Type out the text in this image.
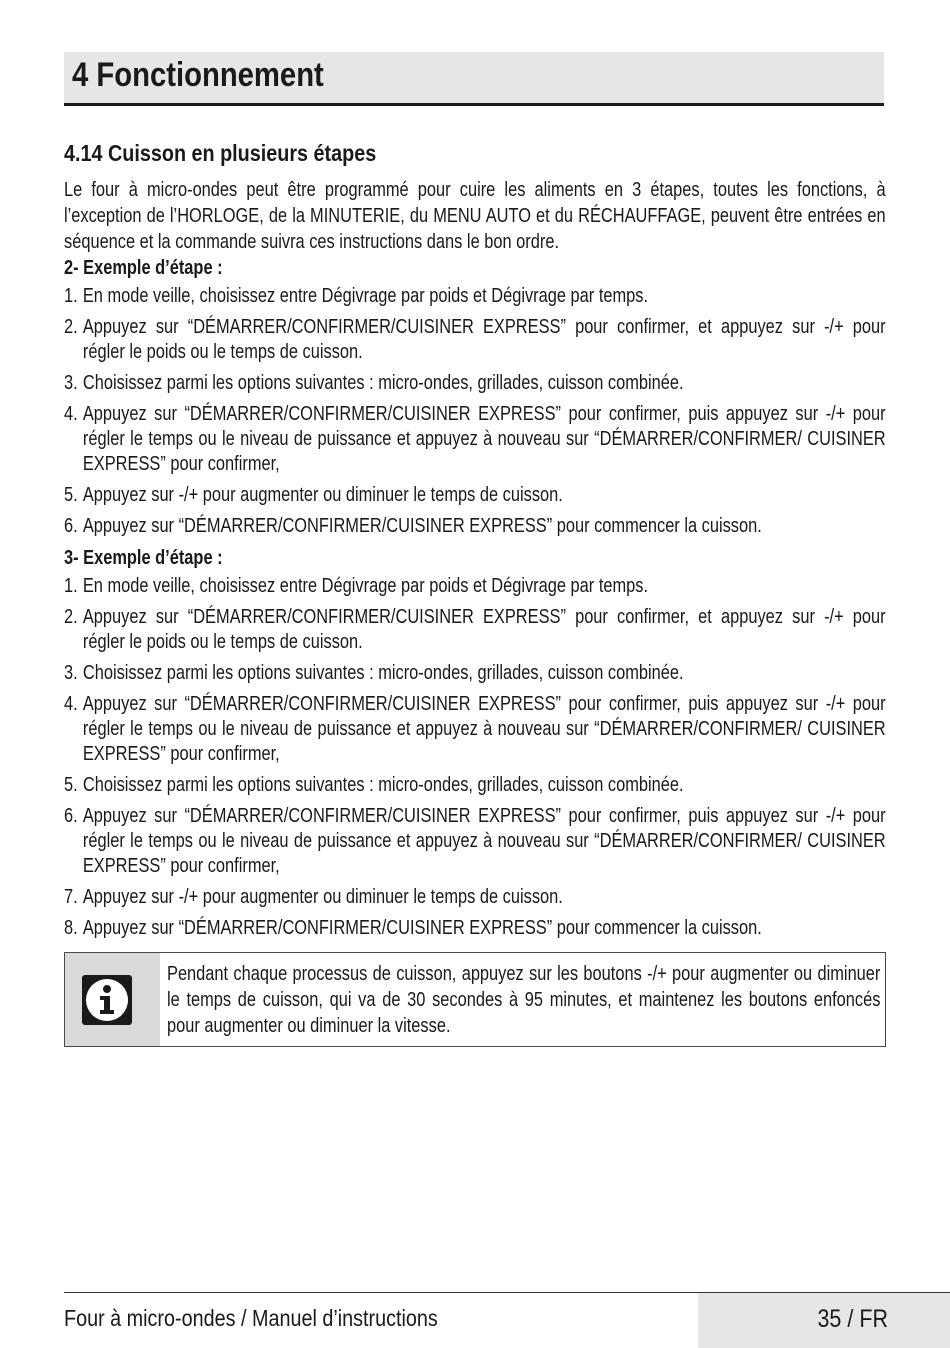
4 Fonctionnement
4.14 Cuisson en plusieurs étapes

Le four à micro-ondes peut être programmé pour cuire les aliments en 3 étapes, toutes les fonctions, à l’exception de l’HORLOGE, de la MINUTERIE, du MENU AUTO et du RÉCHAUFFAGE, peuvent être entrées en séquence et la commande suivra ces instructions dans le bon ordre.

2- Exemple d’étape :
1. En mode veille, choisissez entre Dégivrage par poids et Dégivrage par temps.
2. Appuyez sur “DÉMARRER/CONFIRMER/CUISINER EXPRESS” pour confirmer, et appuyez sur -/+ pour régler le poids ou le temps de cuisson.
3. Choisissez parmi les options suivantes : micro-ondes, grillades, cuisson combinée.
4. Appuyez sur “DÉMARRER/CONFIRMER/CUISINER EXPRESS” pour confirmer, puis appuyez sur -/+ pour régler le temps ou le niveau de puissance et appuyez à nouveau sur “DÉMARRER/CONFIRMER/ CUISINER EXPRESS” pour confirmer,
5. Appuyez sur -/+ pour augmenter ou diminuer le temps de cuisson.
6. Appuyez sur “DÉMARRER/CONFIRMER/CUISINER EXPRESS” pour commencer la cuisson.
3- Exemple d’étape :
1. En mode veille, choisissez entre Dégivrage par poids et Dégivrage par temps.
2. Appuyez sur “DÉMARRER/CONFIRMER/CUISINER EXPRESS” pour confirmer, et appuyez sur -/+ pour régler le poids ou le temps de cuisson.
3. Choisissez parmi les options suivantes : micro-ondes, grillades, cuisson combinée.
4. Appuyez sur “DÉMARRER/CONFIRMER/CUISINER EXPRESS” pour confirmer, puis appuyez sur -/+ pour régler le temps ou le niveau de puissance et appuyez à nouveau sur “DÉMARRER/CONFIRMER/ CUISINER EXPRESS” pour confirmer,
5. Choisissez parmi les options suivantes : micro-ondes, grillades, cuisson combinée.
6. Appuyez sur “DÉMARRER/CONFIRMER/CUISINER EXPRESS” pour confirmer, puis appuyez sur -/+ pour régler le temps ou le niveau de puissance et appuyez à nouveau sur “DÉMARRER/CONFIRMER/ CUISINER EXPRESS” pour confirmer,
7. Appuyez sur -/+ pour augmenter ou diminuer le temps de cuisson.
8. Appuyez sur “DÉMARRER/CONFIRMER/CUISINER EXPRESS” pour commencer la cuisson.

Pendant chaque processus de cuisson, appuyez sur les boutons -/+ pour augmenter ou diminuer le temps de cuisson, qui va de 30 secondes à 95 minutes, et maintenez les boutons enfoncés pour augmenter ou diminuer la vitesse.

Four à micro-ondes / Manuel d’instructions	35 / FR
